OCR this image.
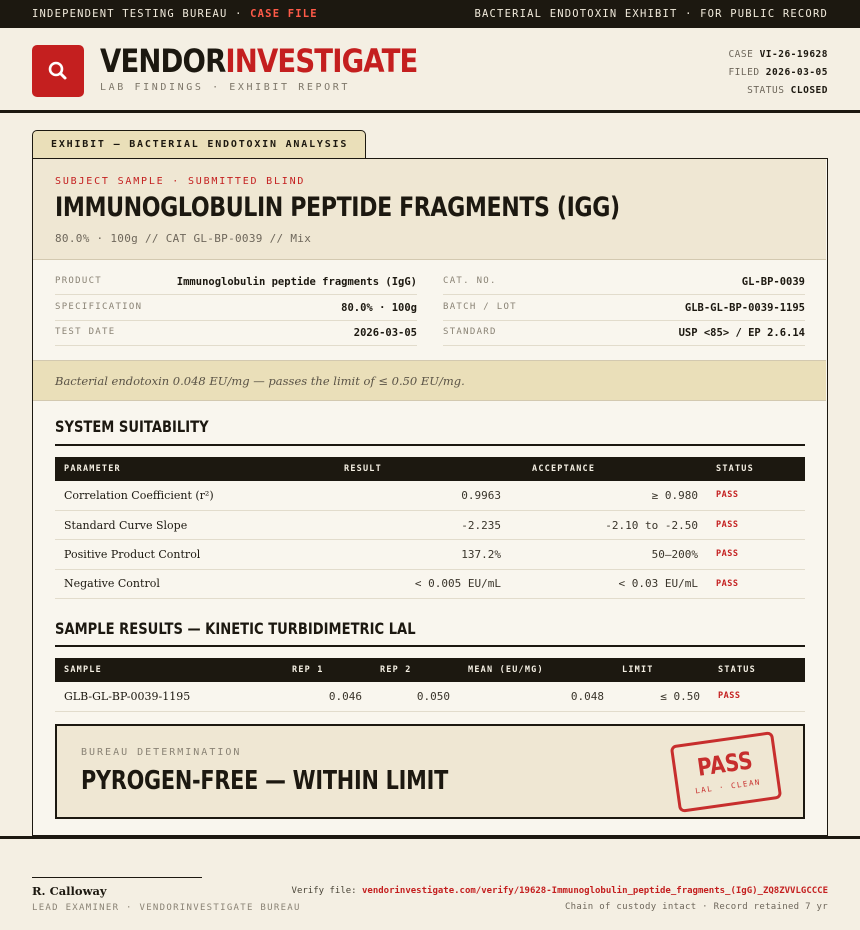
INDEPENDENT TESTING BUREAU · CASE FILE	BACTERIAL ENDOTOXIN EXHIBIT · FOR PUBLIC RECORD
VENDORINVESTIGATE
LAB FINDINGS · EXHIBIT REPORT
CASE VI-26-19628
FILED 2026-03-05
STATUS CLOSED
EXHIBIT — BACTERIAL ENDOTOXIN ANALYSIS
SUBJECT SAMPLE · SUBMITTED BLIND
IMMUNOGLOBULIN PEPTIDE FRAGMENTS (IGG)
80.0% · 100g // CAT GL-BP-0039 // Mix
PRODUCT	Immunoglobulin peptide fragments (IgG)
SPECIFICATION	80.0% · 100g
TEST DATE	2026-03-05
CAT. NO.	GL-BP-0039
BATCH / LOT	GLB-GL-BP-0039-1195
STANDARD	USP <85> / EP 2.6.14
Bacterial endotoxin 0.048 EU/mg — passes the limit of ≤ 0.50 EU/mg.
SYSTEM SUITABILITY
PARAMETER	RESULT	ACCEPTANCE	STATUS
Correlation Coefficient (r²)	0.9963	≥ 0.980	PASS
Standard Curve Slope	-2.235	-2.10 to -2.50	PASS
Positive Product Control	137.2%	50–200%	PASS
Negative Control	< 0.005 EU/mL	< 0.03 EU/mL	PASS
SAMPLE RESULTS — KINETIC TURBIDIMETRIC LAL
SAMPLE	REP 1	REP 2	MEAN (EU/MG)	LIMIT	STATUS
GLB-GL-BP-0039-1195	0.046	0.050	0.048	≤ 0.50	PASS
BUREAU DETERMINATION
PYROGEN-FREE — WITHIN LIMIT	PASS
LAL · CLEAN
R. Calloway
LEAD EXAMINER · VENDORINVESTIGATE BUREAU
Verify file: vendorinvestigate.com/verify/19628-Immunoglobulin_peptide_fragments_(IgG)_ZQ8ZVVLGCCCE
Chain of custody intact · Record retained 7 yr
